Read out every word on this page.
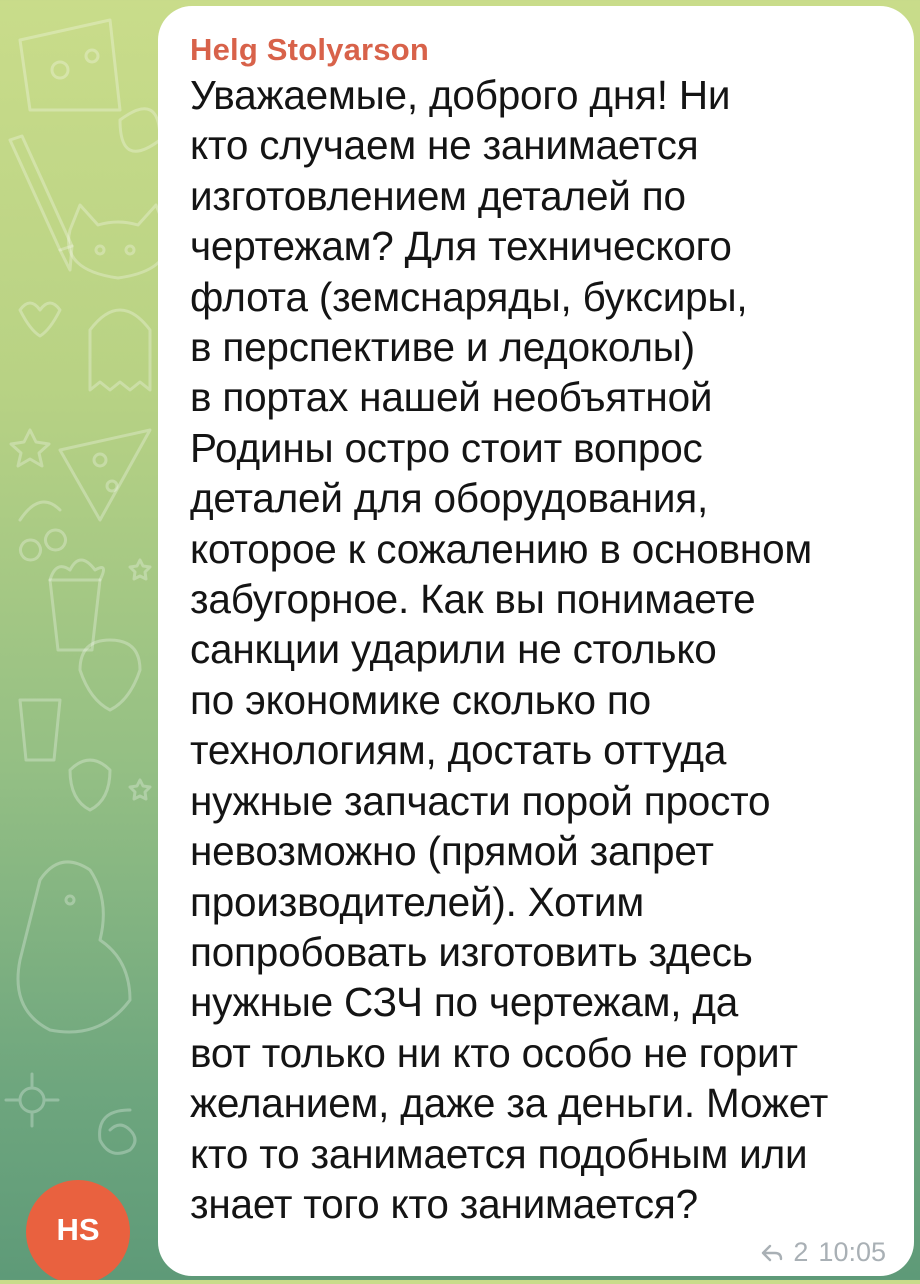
Helg Stolyarson

Уважаемые, доброго дня! Ни
кто случаем не занимается
изготовлением деталей по
чертежам? Для технического
флота (земснаряды, буксиры,
в перспективе и ледоколы)
в портах нашей необъятной
Родины остро стоит вопрос
деталей для оборудования,
которое к сожалению в основном
забугорное. Как вы понимаете
санкции ударили не столько
по экономике сколько по
технологиям, достать оттуда
нужные запчасти порой просто
невозможно (прямой запрет
производителей). Хотим
попробовать изготовить здесь
нужные СЗЧ по чертежам, да
вот только ни кто особо не горит
желанием, даже за деньги. Может
кто то занимается подобным или
знает того кто занимается?

2 10:05
HS
